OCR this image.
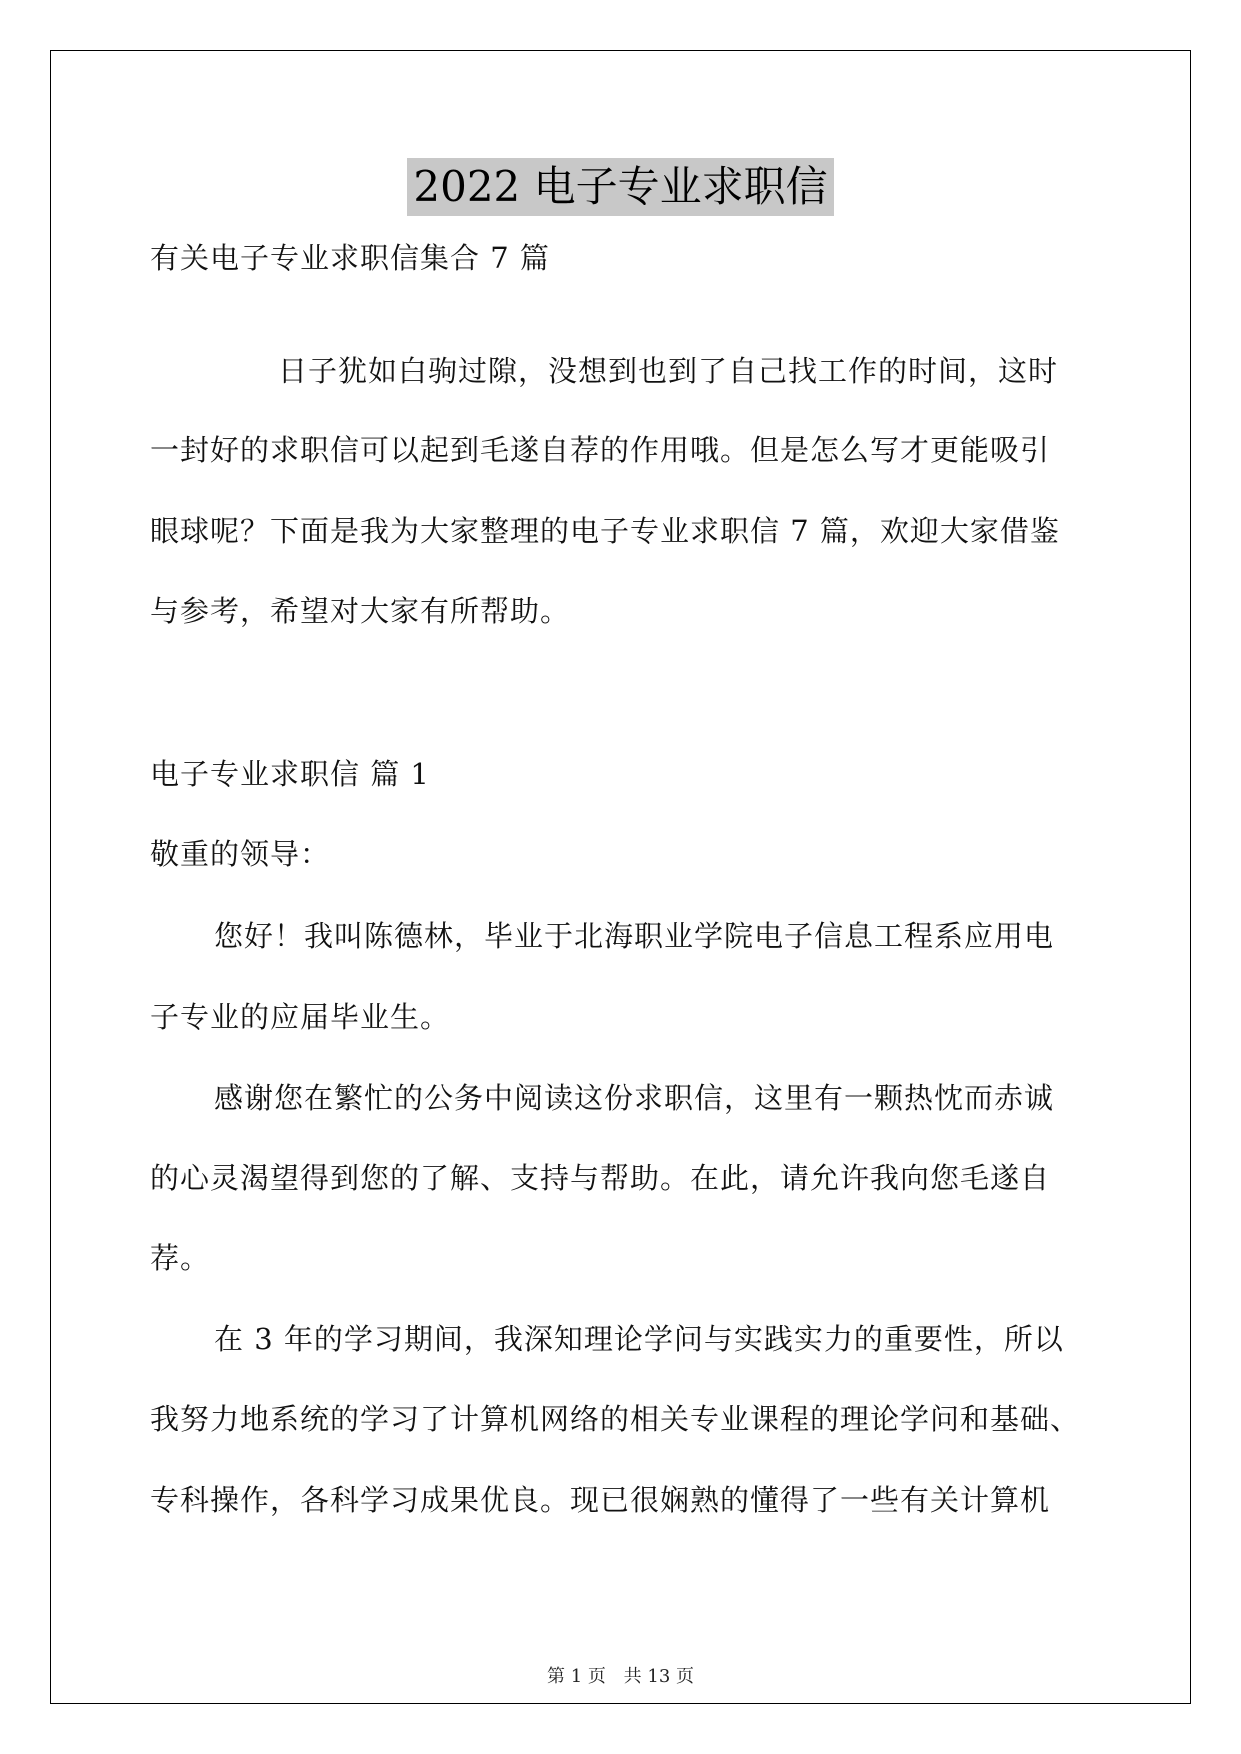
2022 电子专业求职信
有关电子专业求职信集合 7 篇
日子犹如白驹过隙，没想到也到了自己找工作的时间，这时
一封好的求职信可以起到毛遂自荐的作用哦。但是怎么写才更能吸引
眼球呢？下面是我为大家整理的电子专业求职信 7 篇，欢迎大家借鉴
与参考，希望对大家有所帮助。
电子专业求职信 篇 1
敬重的领导：
您好！我叫陈德林，毕业于北海职业学院电子信息工程系应用电
子专业的应届毕业生。
感谢您在繁忙的公务中阅读这份求职信，这里有一颗热忱而赤诚
的心灵渴望得到您的了解、支持与帮助。在此，请允许我向您毛遂自
荐。
在 3 年的学习期间，我深知理论学问与实践实力的重要性，所以
我努力地系统的学习了计算机网络的相关专业课程的理论学问和基础、
专科操作，各科学习成果优良。现已很娴熟的懂得了一些有关计算机
第 1 页 共 13 页
